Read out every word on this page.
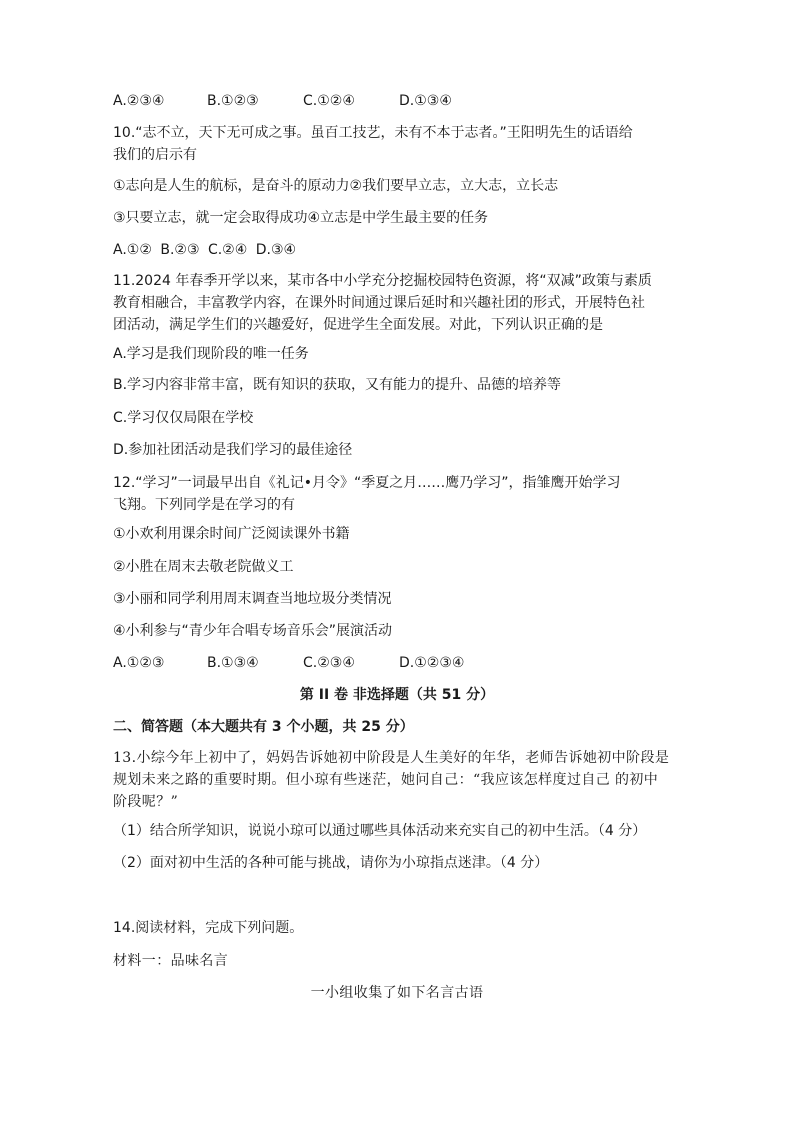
A.②③④	B.①②③	C.①②④	D.①③④
10.“志不立，天下无可成之事。虽百工技艺，未有不本于志者。”王阳明先生的话语给
我们的启示有
①志向是人生的航标，是奋斗的原动力②我们要早立志，立大志，立长志
③只要立志，就一定会取得成功④立志是中学生最主要的任务
A.①② B.②③ C.②④ D.③④
11.2024 年春季开学以来，某市各中小学充分挖掘校园特色资源，将“双减”政策与素质
教育相融合，丰富教学内容，在课外时间通过课后延时和兴趣社团的形式，开展特色社
团活动，满足学生们的兴趣爱好，促进学生全面发展。对此，下列认识正确的是
A.学习是我们现阶段的唯一任务
B.学习内容非常丰富，既有知识的获取，又有能力的提升、品德的培养等
C.学习仅仅局限在学校
D.参加社团活动是我们学习的最佳途径
12.“学习”一词最早出自《礼记•月令》“季夏之月……鹰乃学习”，指雏鹰开始学习
飞翔。下列同学是在学习的有
①小欢利用课余时间广泛阅读课外书籍
②小胜在周末去敬老院做义工
③小丽和同学利用周末调查当地垃圾分类情况
④小利参与“青少年合唱专场音乐会”展演活动
A.①②③	B.①③④	C.②③④	D.①②③④
第 II 卷 非选择题（共 51 分）
二、简答题（本大题共有 3 个小题，共 25 分）
13.小综今年上初中了，妈妈告诉她初中阶段是人生美好的年华，老师告诉她初中阶段是
规划未来之路的重要时期。但小琼有些迷茫，她问自己：“我应该怎样度过自己 的初中
阶段呢？”
（1）结合所学知识，说说小琼可以通过哪些具体活动来充实自己的初中生活。（4 分）
（2）面对初中生活的各种可能与挑战，请你为小琼指点迷津。（4 分）
14.阅读材料，完成下列问题。
材料一：品味名言
一小组收集了如下名言古语
